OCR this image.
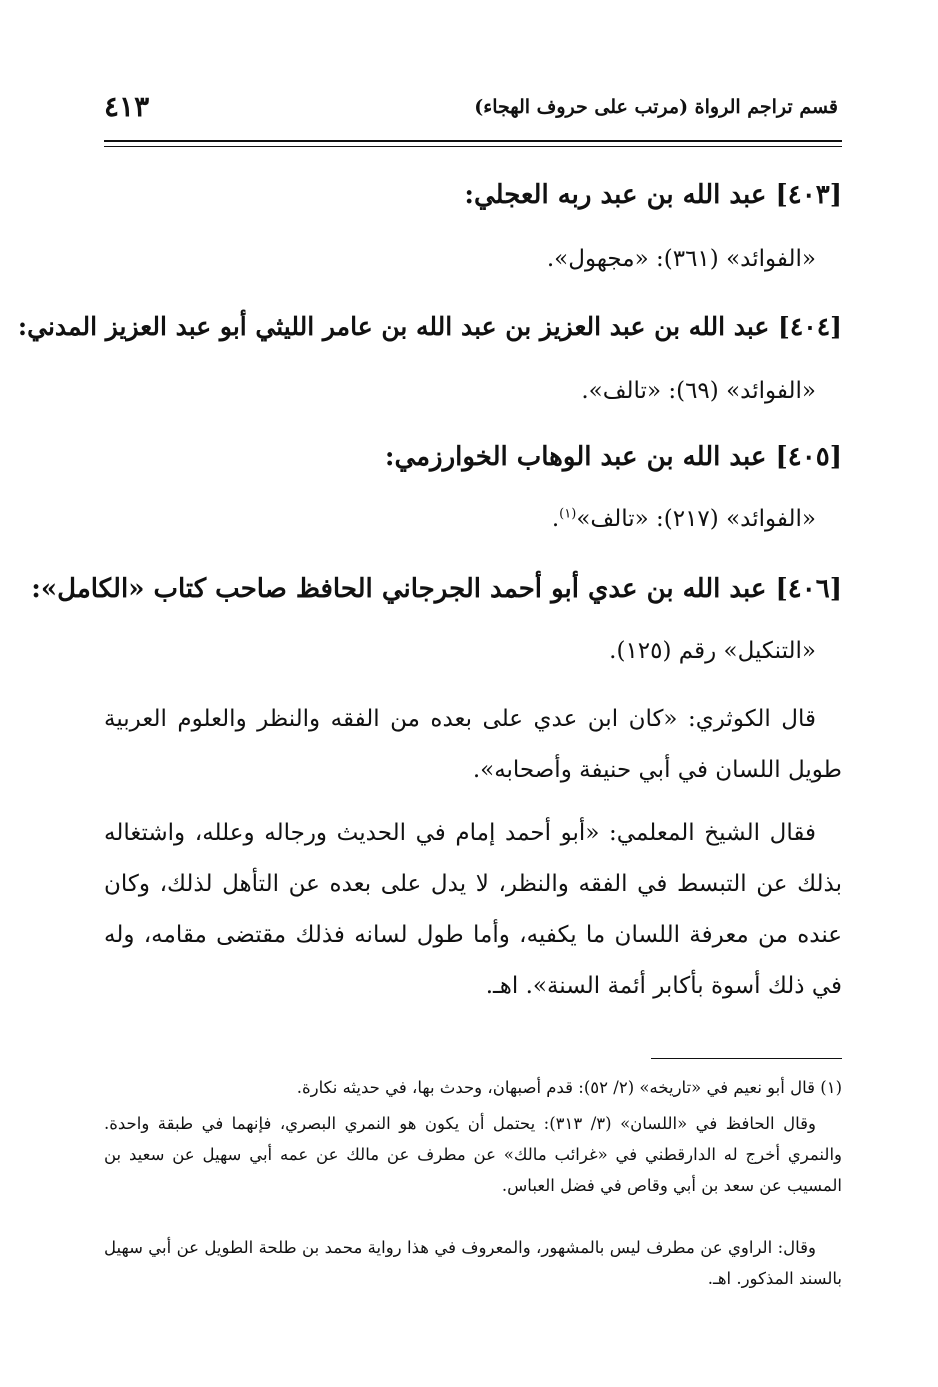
قسم تراجم الرواة (مرتب على حروف الهجاء)
٤١٣
[٤٠٣] عبد الله بن عبد ربه العجلي:
«الفوائد» (٣٦١): «مجهول».
[٤٠٤] عبد الله بن عبد العزيز بن عبد الله بن عامر الليثي أبو عبد العزيز المدني:
«الفوائد» (٦٩): «تالف».
[٤٠٥] عبد الله بن عبد الوهاب الخوارزمي:
«الفوائد» (٢١٧): «تالف»$^{(١)}$.
[٤٠٦] عبد الله بن عدي أبو أحمد الجرجاني الحافظ صاحب كتاب «الكامل»:
«التنكيل» رقم (١٢٥).
قال الكوثري: «كان ابن عدي على بعده من الفقه والنظر والعلوم العربية طويل اللسان في أبي حنيفة وأصحابه».
فقال الشيخ المعلمي: «أبو أحمد إمام في الحديث ورجاله وعلله، واشتغاله بذلك عن التبسط في الفقه والنظر، لا يدل على بعده عن التأهل لذلك، وكان عنده من معرفة اللسان ما يكفيه، وأما طول لسانه فذلك مقتضى مقامه، وله في ذلك أسوة بأكابر أئمة السنة». اهـ.
(١) قال أبو نعيم في «تاريخه» (٢/ ٥٢): قدم أصبهان، وحدث بها، في حديثه نكارة.
وقال الحافظ في «اللسان» (٣/ ٣١٣): يحتمل أن يكون هو النمري البصري، فإنهما في طبقة واحدة. والنمري أخرج له الدارقطني في «غرائب مالك» عن مطرف عن مالك عن عمه أبي سهيل عن سعيد بن المسيب عن سعد بن أبي وقاص في فضل العباس.
وقال: الراوي عن مطرف ليس بالمشهور، والمعروف في هذا رواية محمد بن طلحة الطويل عن أبي سهيل بالسند المذكور. اهـ.
